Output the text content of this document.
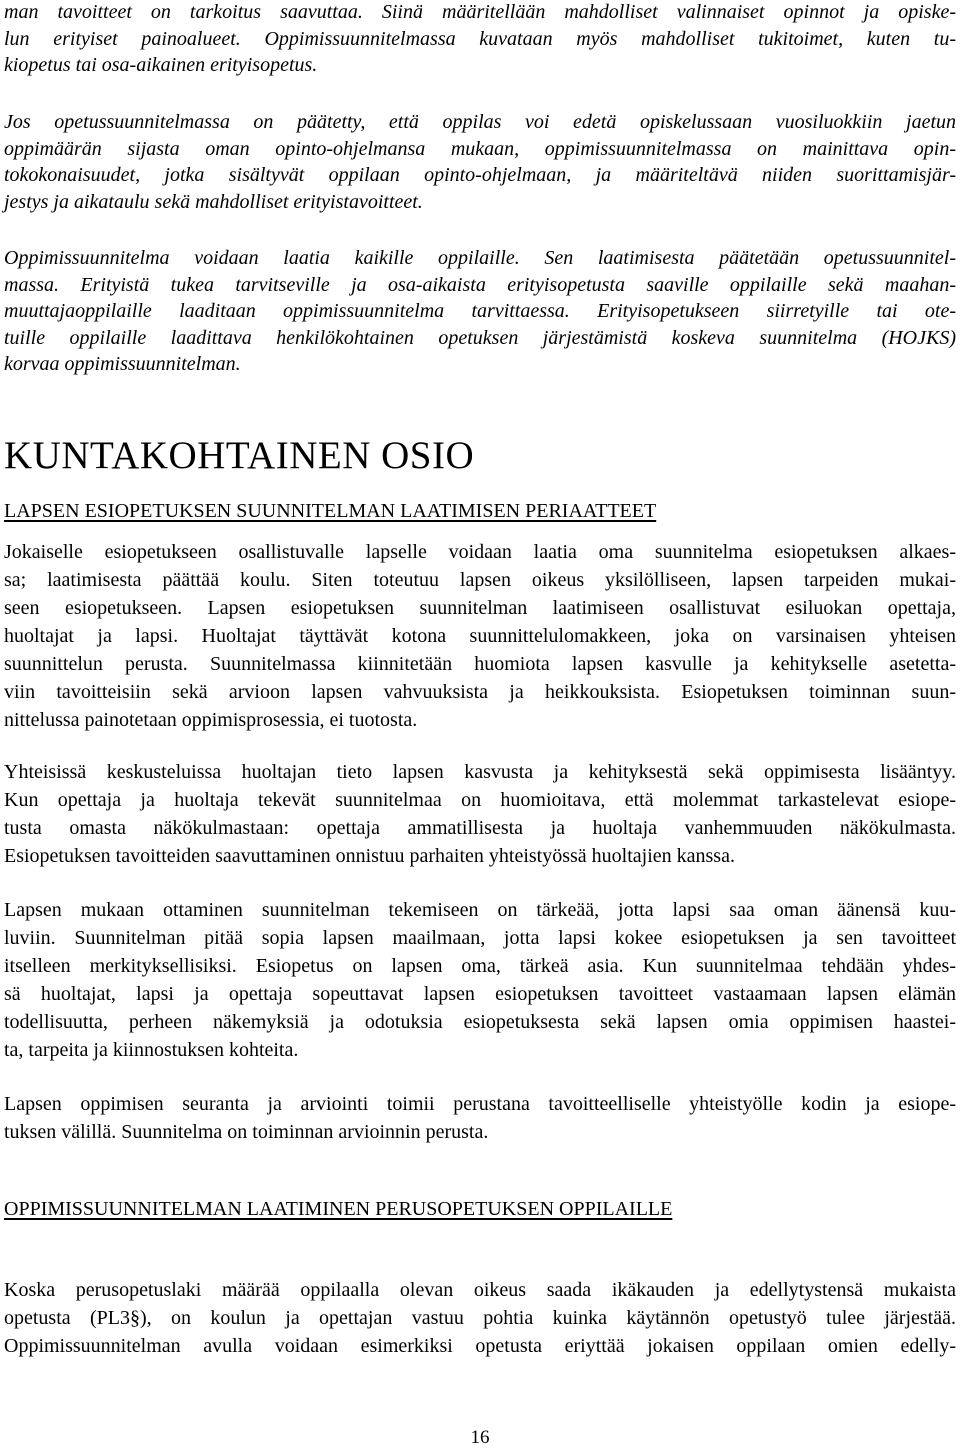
man tavoitteet on tarkoitus saavuttaa. Siinä määritellään mahdolliset valinnaiset opinnot ja opiske-
lun erityiset painoalueet. Oppimissuunnitelmassa kuvataan myös mahdolliset tukitoimet, kuten tu-
kiopetus tai osa-aikainen erityisopetus.
Jos opetussuunnitelmassa on päätetty, että oppilas voi edetä opiskelussaan vuosiluokkiin jaetun
oppimäärän sijasta oman opinto-ohjelmansa mukaan, oppimissuunnitelmassa on mainittava opin-
tokokonaisuudet, jotka sisältyvät oppilaan opinto-ohjelmaan, ja määriteltävä niiden suorittamisjär-
jestys ja aikataulu sekä mahdolliset erityistavoitteet.
Oppimissuunnitelma voidaan laatia kaikille oppilaille. Sen laatimisesta päätetään opetussuunnitel-
massa. Erityistä tukea tarvitseville ja osa-aikaista erityisopetusta saaville oppilaille sekä maahan-
muuttajaoppilaille laaditaan oppimissuunnitelma tarvittaessa. Erityisopetukseen siirretyille tai ote-
tuille oppilaille laadittava henkilökohtainen opetuksen järjestämistä koskeva suunnitelma (HOJKS)
korvaa oppimissuunnitelman.
KUNTAKOHTAINEN OSIO
LAPSEN ESIOPETUKSEN SUUNNITELMAN LAATIMISEN PERIAATTEET
Jokaiselle esiopetukseen osallistuvalle lapselle voidaan laatia oma suunnitelma esiopetuksen alkaes-
sa; laatimisesta päättää koulu. Siten toteutuu lapsen oikeus yksilölliseen, lapsen tarpeiden mukai-
seen esiopetukseen. Lapsen esiopetuksen suunnitelman laatimiseen osallistuvat esiluokan opettaja,
huoltajat ja lapsi. Huoltajat täyttävät kotona suunnittelulomakkeen, joka on varsinaisen yhteisen
suunnittelun perusta. Suunnitelmassa kiinnitetään huomiota lapsen kasvulle ja kehitykselle asetetta-
viin tavoitteisiin sekä arvioon lapsen vahvuuksista ja heikkouksista. Esiopetuksen toiminnan suun-
nittelussa painotetaan oppimisprosessia, ei tuotosta.
Yhteisissä keskusteluissa huoltajan tieto lapsen kasvusta ja kehityksestä sekä oppimisesta lisääntyy.
Kun opettaja ja huoltaja tekevät suunnitelmaa on huomioitava, että molemmat tarkastelevat esiope-
tusta omasta näkökulmastaan: opettaja ammatillisesta ja huoltaja vanhemmuuden näkökulmasta.
Esiopetuksen tavoitteiden saavuttaminen onnistuu parhaiten yhteistyössä huoltajien kanssa.
Lapsen mukaan ottaminen suunnitelman tekemiseen on tärkeää, jotta lapsi saa oman äänensä kuu-
luviin. Suunnitelman pitää sopia lapsen maailmaan, jotta lapsi kokee esiopetuksen ja sen tavoitteet
itselleen merkityksellisiksi. Esiopetus on lapsen oma, tärkeä asia. Kun suunnitelmaa tehdään yhdes-
sä huoltajat, lapsi ja opettaja sopeuttavat lapsen esiopetuksen tavoitteet vastaamaan lapsen elämän
todellisuutta, perheen näkemyksiä ja odotuksia esiopetuksesta sekä lapsen omia oppimisen haastei-
ta, tarpeita ja kiinnostuksen kohteita.
Lapsen oppimisen seuranta ja arviointi toimii perustana tavoitteelliselle yhteistyölle kodin ja esiope-
tuksen välillä. Suunnitelma on toiminnan arvioinnin perusta.
OPPIMISSUUNNITELMAN LAATIMINEN PERUSOPETUKSEN OPPILAILLE
Koska perusopetuslaki määrää oppilaalla olevan oikeus saada ikäkauden ja edellytystensä mukaista
opetusta (PL3§), on koulun ja opettajan vastuu pohtia kuinka käytännön opetustyö tulee järjestää.
Oppimissuunnitelman avulla voidaan esimerkiksi opetusta eriyttää jokaisen oppilaan omien edelly-

16
